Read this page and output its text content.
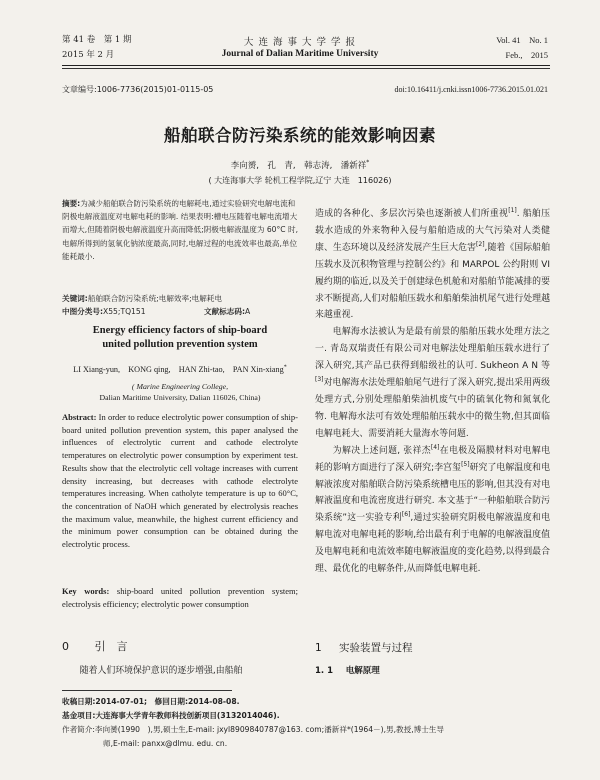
第 41 卷　第 1 期
2015 年 2 月
大 连 海 事 大 学 学 报
Journal of Dalian Maritime University
Vol. 41　No. 1
Feb.,　2015
文章编号:1006-7736(2015)01-0115-05	doi:10.16411/j.cnki.issn1006-7736.2015.01.021
船舶联合防污染系统的能效影响因素
李向赟,　孔　青,　韩志涛,　潘新祥*
( 大连海事大学 轮机工程学院,辽宁 大连　116026)
摘要:为减少船舶联合防污染系统的电解耗电,通过实验研究电解电流和阴极电解液温度对电解电耗的影响. 结果表明:槽电压随着电解电流增大而增大,但随着阴极电解液温度升高而降低;阴极电解液温度为 60°C 时,电解所得到的氢氧化钠浓度最高,同时,电解过程的电流效率也最高,单位能耗最小.
关键词:船舶联合防污染系统;电解效率;电解耗电
中图分类号:X55;TQ151	文献标志码:A
Energy efficiency factors of ship-board
united pollution prevention system
LI Xiang-yun,　KONG qing,　HAN Zhi-tao,　PAN Xin-xiang*
( Marine Engineering College,
Dalian Maritime University, Dalian 116026, China)
Abstract: In order to reduce electrolytic power consumption of ship-board united pollution prevention system, this paper analysed the influences of electrolytic current and cathode electrolyte temperatures on electrolytic power consumption by experiment test. Results show that the electrolytic cell voltage increases with current density increasing, but decreases with cathode electrolyte temperatures increasing. When catholyte temperature is up to 60°C, the concentration of NaOH which generated by electrolysis reaches the maximum value, meanwhile, the highest current efficiency and the minimum power consumption can be obtained during the electrolytic process.
Key words: ship-board united pollution prevention system; electrolysis efficiency; electrolytic power consumption
0 引　言
随着人们环境保护意识的逐步增强,由船舶

造成的各种化、多层次污染也逐渐被人们所重视[1]. 船舶压载水造成的外来物种入侵与船舶造成的大气污染对人类健康、生态环境以及经济发展产生巨大危害[2],随着《国际船舶压载水及沉积物管理与控制公约》和 MARPOL 公约附则 VI 履约期的临近,以及关于创建绿色机舱和对船舶节能减排的要求不断提高,人们对船舶压载水和船舶柴油机尾气进行处理越来越重视.

电解海水法被认为是最有前景的船舶压载水处理方法之一. 青岛双瑞责任有限公司对电解法处理船舶压载水进行了深入研究,其产品已获得到船级社的认可. Sukheon A N 等[3]对电解海水法处理船舶尾气进行了深入研究,提出采用两级处理方式,分别处理船舶柴油机废气中的硫氧化物和氮氧化物. 电解海水法可有效处理船舶压载水中的微生物,但其面临电解电耗大、需要消耗大量海水等问题.

为解决上述问题, 张祥杰[4]在电极及隔膜材料对电解电耗的影响方面进行了深入研究;李宫玺[5]研究了电解温度和电解液浓度对船舶联合防污染系统槽电压的影响,但其没有对电解液温度和电流密度进行研究. 本文基于“一种船舶联合防污染系统”这一实验专利[6],通过实验研究阴极电解液温度和电解电流对电解电耗的影响,给出最有利于电解的电解液温度值及电解电耗和电流效率随电解液温度的变化趋势,以得到最合理、最优化的电解条件,从而降低电解电耗.

1 实验装置与过程
1. 1 电解原理
收稿日期:2014-07-01;　修回日期:2014-08-08.
基金项目:大连海事大学青年教师科技创新项目(3132014046).
作者简介:李向赟(1990　),男,硕士生,E-mail: jxyl8909840787@163. com;潘新祥*(1964－),男,教授,博士生导
师,E-mail: panxx@dlmu. edu. cn.
